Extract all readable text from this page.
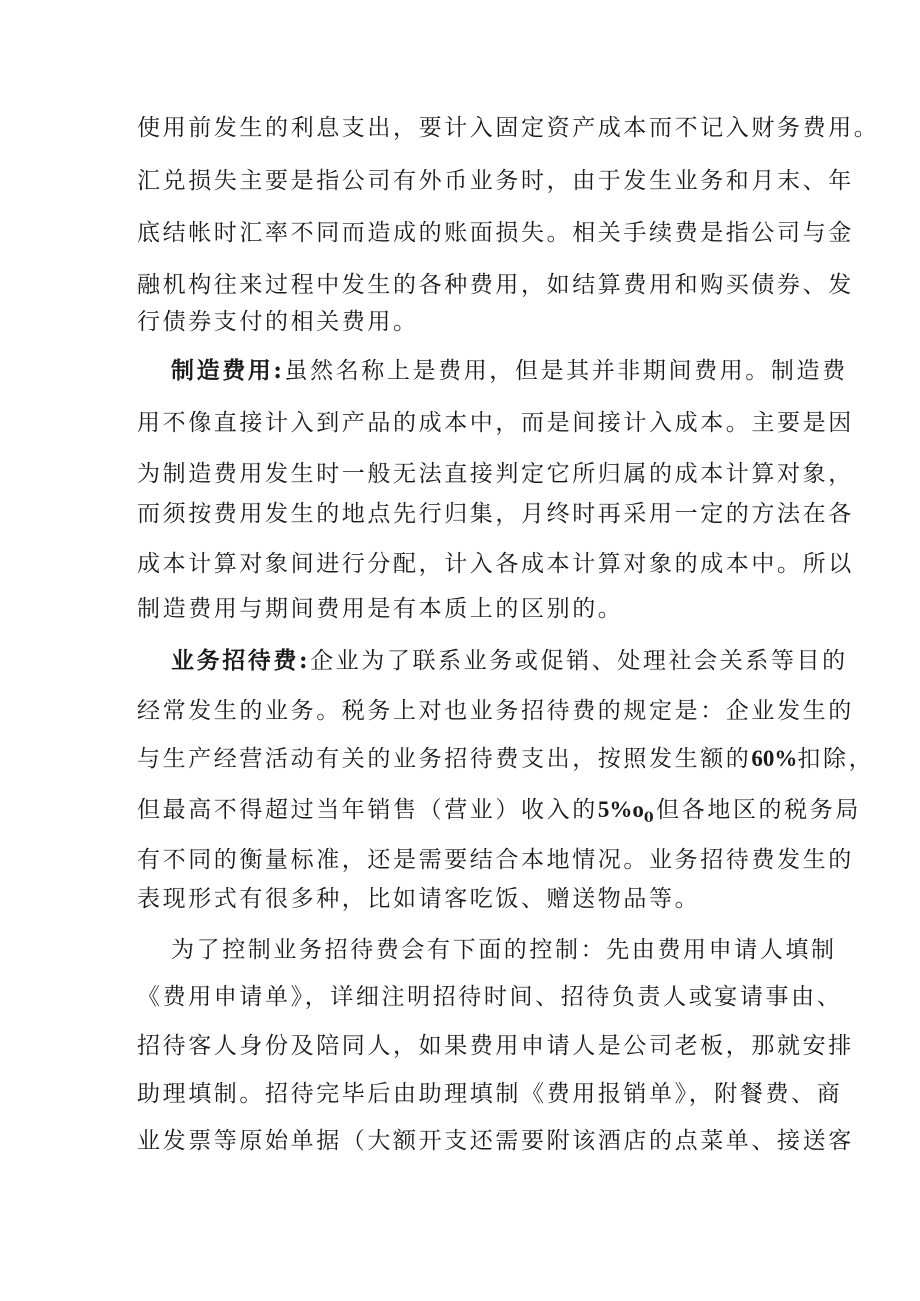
使用前发生的利息支出，要计入固定资产成本而不记入财务费用。
汇兑损失主要是指公司有外币业务时，由于发生业务和月末、年
底结帐时汇率不同而造成的账面损失。相关手续费是指公司与金
融机构往来过程中发生的各种费用，如结算费用和购买债券、发
行债券支付的相关费用。
制造费用:虽然名称上是费用，但是其并非期间费用。制造费
用不像直接计入到产品的成本中，而是间接计入成本。主要是因
为制造费用发生时一般无法直接判定它所归属的成本计算对象，
而须按费用发生的地点先行归集，月终时再采用一定的方法在各
成本计算对象间进行分配，计入各成本计算对象的成本中。所以
制造费用与期间费用是有本质上的区别的。
业务招待费:企业为了联系业务或促销、处理社会关系等目的
经常发生的业务。税务上对也业务招待费的规定是：企业发生的
与生产经营活动有关的业务招待费支出，按照发生额的60%扣除，
但最高不得超过当年销售（营业）收入的$5\%o_0$但各地区的税务局
有不同的衡量标准，还是需要结合本地情况。业务招待费发生的
表现形式有很多种，比如请客吃饭、赠送物品等。
为了控制业务招待费会有下面的控制：先由费用申请人填制
《费用申请单》，详细注明招待时间、招待负责人或宴请事由、
招待客人身份及陪同人，如果费用申请人是公司老板，那就安排
助理填制。招待完毕后由助理填制《费用报销单》，附餐费、商
业发票等原始单据（大额开支还需要附该酒店的点菜单、接送客
